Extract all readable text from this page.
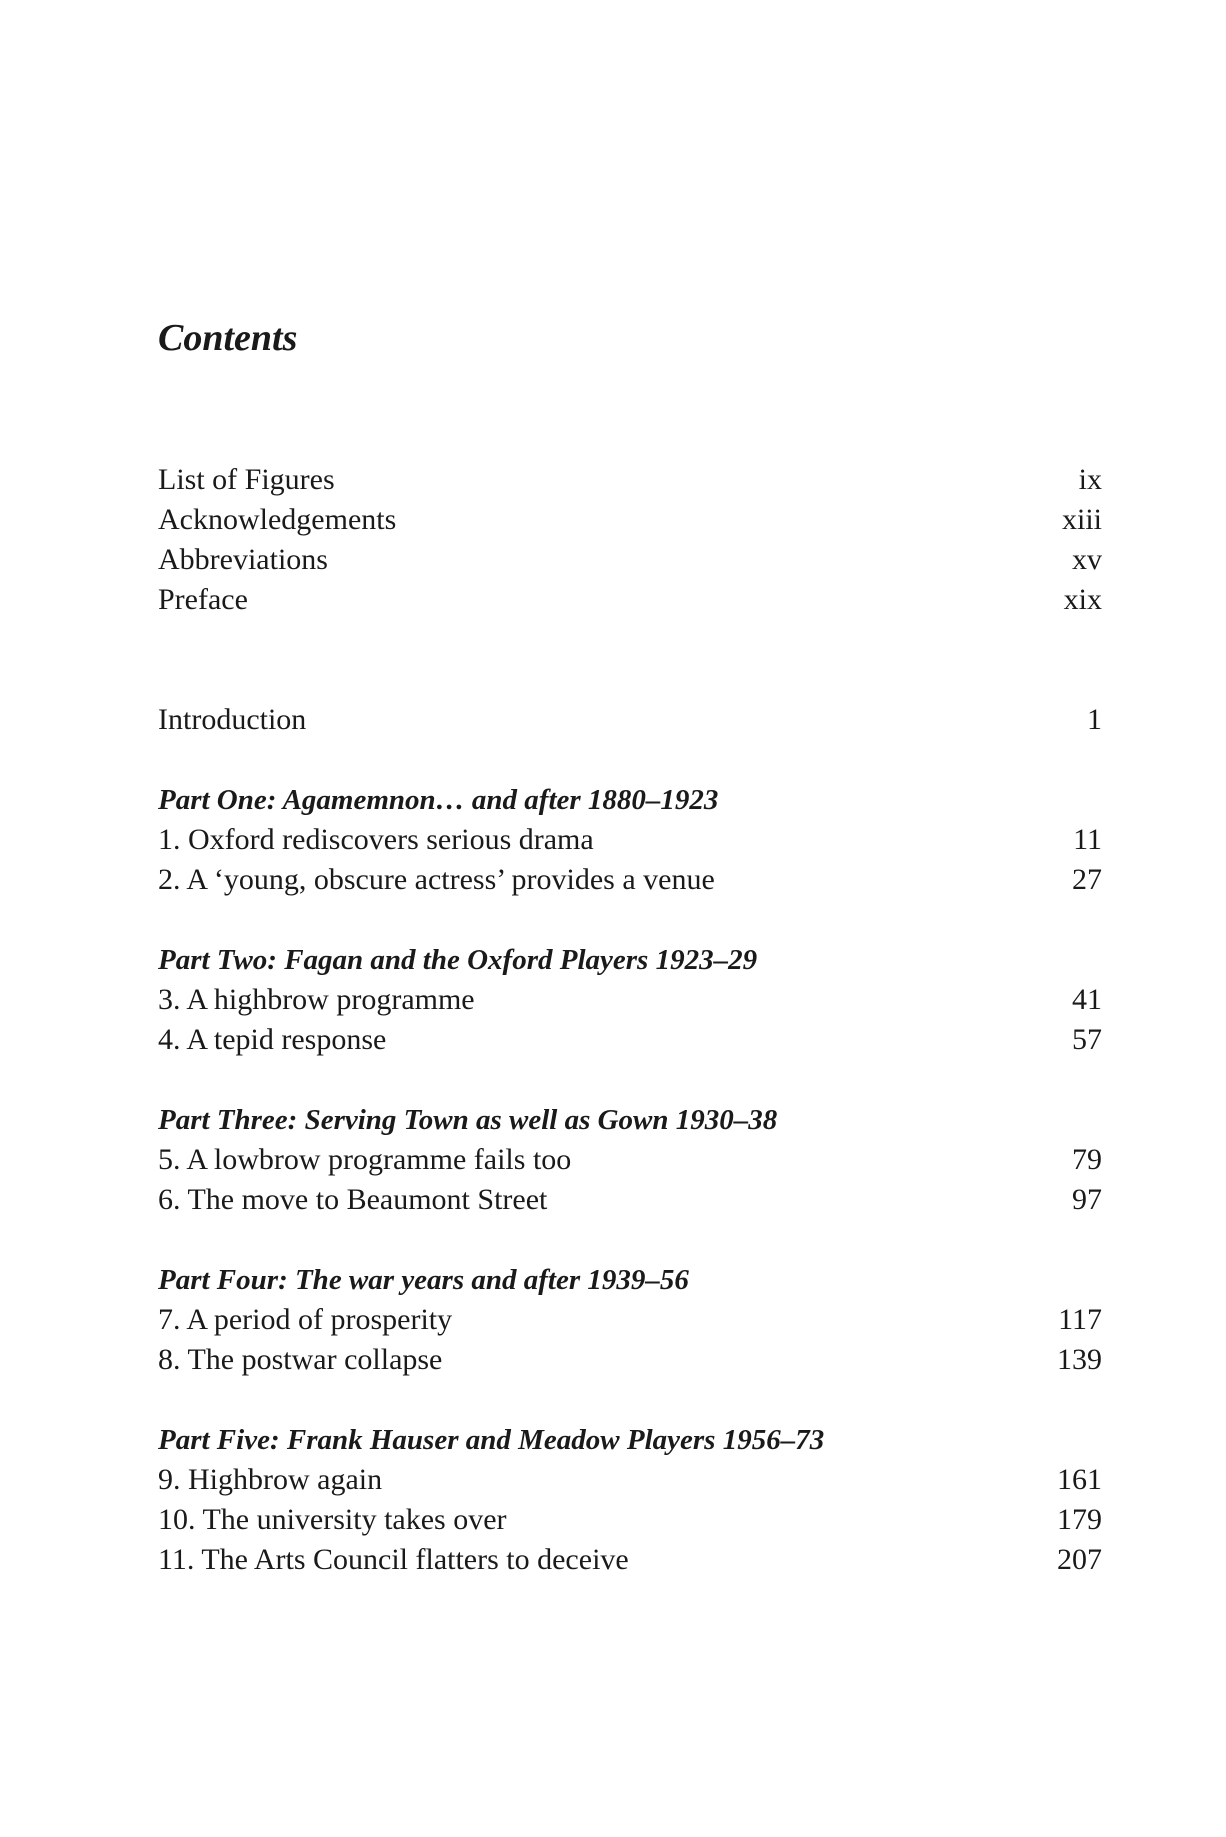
Contents
List of Figures	ix
Acknowledgements	xiii
Abbreviations	xv
Preface	xix
Introduction	1
Part One: Agamemnon… and after 1880–1923
1. Oxford rediscovers serious drama	11
2. A ‘young, obscure actress’ provides a venue	27
Part Two: Fagan and the Oxford Players 1923–29
3. A highbrow programme	41
4. A tepid response	57
Part Three: Serving Town as well as Gown 1930–38
5. A lowbrow programme fails too	79
6. The move to Beaumont Street	97
Part Four: The war years and after 1939–56
7. A period of prosperity	117
8. The postwar collapse	139
Part Five: Frank Hauser and Meadow Players 1956–73
9. Highbrow again	161
10. The university takes over	179
11. The Arts Council flatters to deceive	207
